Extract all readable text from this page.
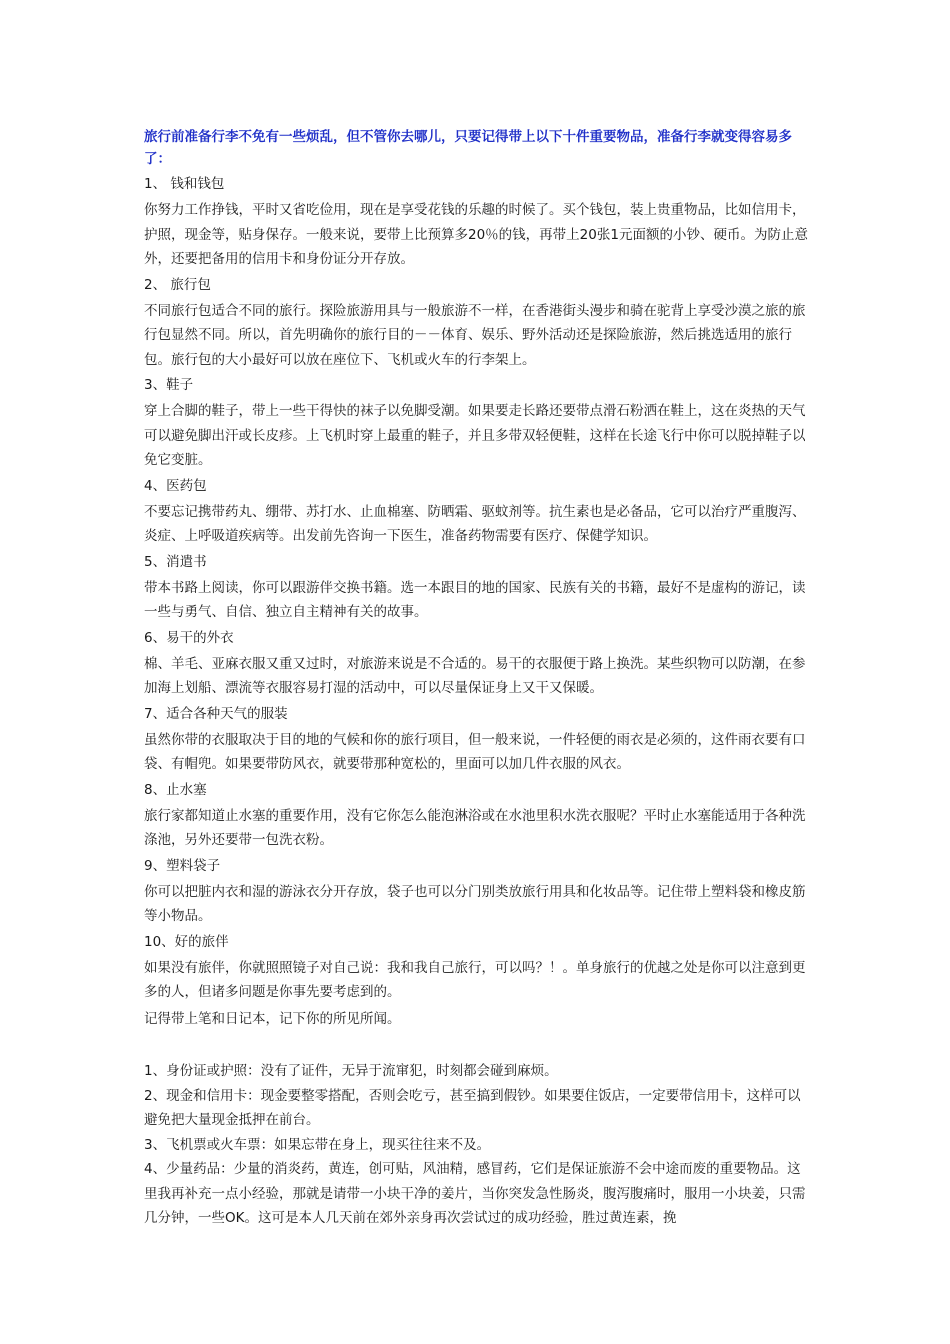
旅行前准备行李不免有一些烦乱，但不管你去哪儿，只要记得带上以下十件重要物品，准备行李就变得容易多了：

1、 钱和钱包

你努力工作挣钱，平时又省吃俭用，现在是享受花钱的乐趣的时候了。买个钱包，装上贵重物品，比如信用卡，护照，现金等，贴身保存。一般来说，要带上比预算多20％的钱，再带上20张1元面额的小钞、硬币。为防止意外，还要把备用的信用卡和身份证分开存放。

2、 旅行包

不同旅行包适合不同的旅行。探险旅游用具与一般旅游不一样，在香港街头漫步和骑在驼背上享受沙漠之旅的旅行包显然不同。所以，首先明确你的旅行目的－－体育、娱乐、野外活动还是探险旅游，然后挑选适用的旅行包。旅行包的大小最好可以放在座位下、飞机或火车的行李架上。

3、鞋子

穿上合脚的鞋子，带上一些干得快的袜子以免脚受潮。如果要走长路还要带点滑石粉洒在鞋上，这在炎热的天气可以避免脚出汗或长皮疹。上飞机时穿上最重的鞋子，并且多带双轻便鞋，这样在长途飞行中你可以脱掉鞋子以免它变脏。

4、医药包

不要忘记携带药丸、绷带、苏打水、止血棉塞、防晒霜、驱蚊剂等。抗生素也是必备品，它可以治疗严重腹泻、炎症、上呼吸道疾病等。出发前先咨询一下医生，准备药物需要有医疗、保健学知识。

5、消遣书

带本书路上阅读，你可以跟游伴交换书籍。选一本跟目的地的国家、民族有关的书籍，最好不是虚构的游记，读一些与勇气、自信、独立自主精神有关的故事。

6、易干的外衣

棉、羊毛、亚麻衣服又重又过时，对旅游来说是不合适的。易干的衣服便于路上换洗。某些织物可以防潮，在参加海上划船、漂流等衣服容易打湿的活动中，可以尽量保证身上又干又保暖。

7、适合各种天气的服装

虽然你带的衣服取决于目的地的气候和你的旅行项目，但一般来说，一件轻便的雨衣是必须的，这件雨衣要有口袋、有帽兜。如果要带防风衣，就要带那种宽松的，里面可以加几件衣服的风衣。

8、止水塞

旅行家都知道止水塞的重要作用，没有它你怎么能泡淋浴或在水池里积水洗衣服呢？平时止水塞能适用于各种洗涤池，另外还要带一包洗衣粉。

9、塑料袋子

你可以把脏内衣和湿的游泳衣分开存放，袋子也可以分门别类放旅行用具和化妆品等。记住带上塑料袋和橡皮筋等小物品。

10、好的旅伴

如果没有旅伴，你就照照镜子对自己说：我和我自己旅行，可以吗？！。单身旅行的优越之处是你可以注意到更多的人，但诸多问题是你事先要考虑到的。

记得带上笔和日记本，记下你的所见所闻。

1、身份证或护照：没有了证件，无异于流窜犯，时刻都会碰到麻烦。

2、现金和信用卡：现金要整零搭配，否则会吃亏，甚至搞到假钞。如果要住饭店，一定要带信用卡，这样可以避免把大量现金抵押在前台。

3、飞机票或火车票：如果忘带在身上，现买往往来不及。

4、少量药品：少量的消炎药，黄连，创可贴，风油精，感冒药，它们是保证旅游不会中途而废的重要物品。这里我再补充一点小经验，那就是请带一小块干净的姜片，当你突发急性肠炎，腹泻腹痛时，服用一小块姜，只需几分钟，一些OK。这可是本人几天前在郊外亲身再次尝试过的成功经验，胜过黄连素，挽
